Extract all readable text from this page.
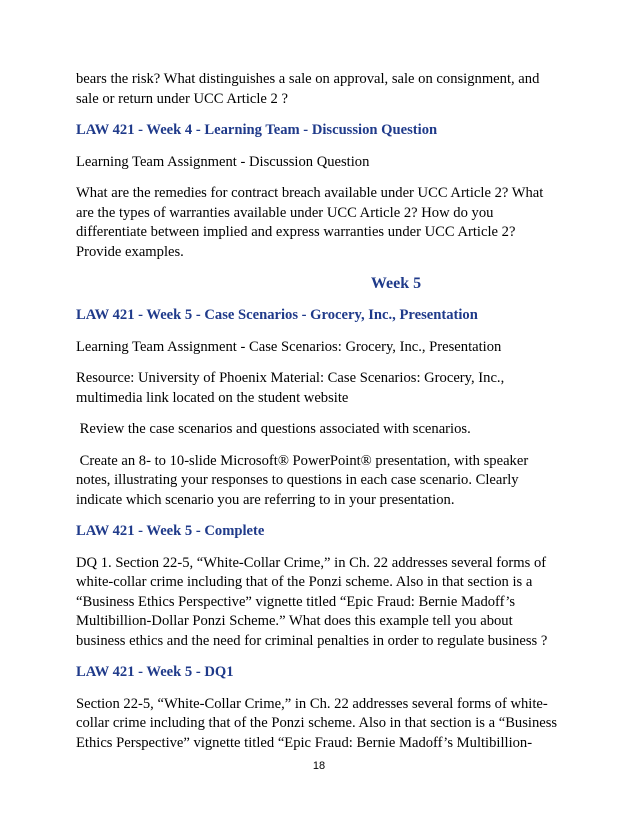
bears the risk? What distinguishes a sale on approval, sale on consignment, and
sale or return under UCC Article 2 ?

LAW 421 - Week 4 - Learning Team - Discussion Question

Learning Team Assignment - Discussion Question

What are the remedies for contract breach available under UCC Article 2? What
are the types of warranties available under UCC Article 2? How do you
differentiate between implied and express warranties under UCC Article 2?
Provide examples.

Week 5

LAW 421 - Week 5 - Case Scenarios - Grocery, Inc., Presentation

Learning Team Assignment - Case Scenarios: Grocery, Inc., Presentation

Resource: University of Phoenix Material: Case Scenarios: Grocery, Inc.,
multimedia link located on the student website

Review the case scenarios and questions associated with scenarios.

Create an 8- to 10-slide Microsoft® PowerPoint® presentation, with speaker
notes, illustrating your responses to questions in each case scenario. Clearly
indicate which scenario you are referring to in your presentation.

LAW 421 - Week 5 - Complete

DQ 1. Section 22-5, “White-Collar Crime,” in Ch. 22 addresses several forms of
white-collar crime including that of the Ponzi scheme. Also in that section is a
“Business Ethics Perspective” vignette titled “Epic Fraud: Bernie Madoff’s
Multibillion-Dollar Ponzi Scheme.” What does this example tell you about
business ethics and the need for criminal penalties in order to regulate business ?

LAW 421 - Week 5 - DQ1

Section 22-5, “White-Collar Crime,” in Ch. 22 addresses several forms of white-
collar crime including that of the Ponzi scheme. Also in that section is a “Business
Ethics Perspective” vignette titled “Epic Fraud: Bernie Madoff’s Multibillion-

18
